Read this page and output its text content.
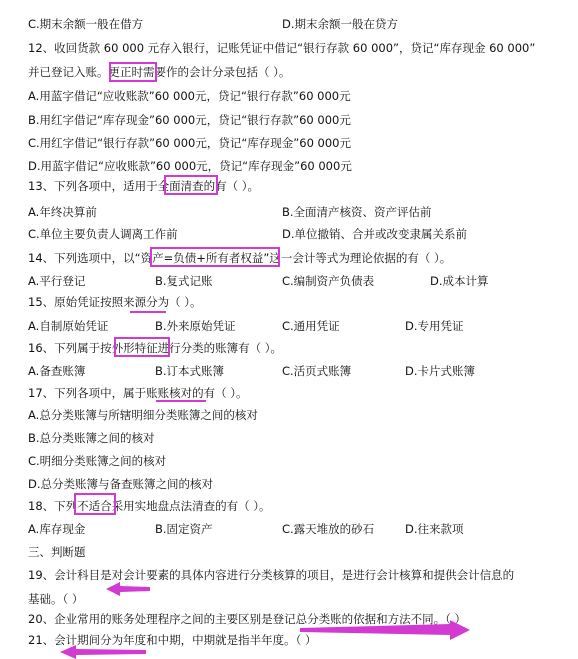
C.期末余额一般在借方	D.期末余额一般在贷方
12、收回货款 60 000 元存入银行，记账凭证中借记“银行存款 60 000”，贷记“库存现金 60 000”
并已登记入账。更正时需要作的会计分录包括（ ）。
A.用蓝字借记“应收账款”60 000元，贷记“银行存款”60 000元
B.用红字借记“库存现金”60 000元，贷记“银行存款”60 000元
C.用红字借记“银行存款”60 000元，贷记“库存现金”60 000元
D.用蓝字借记“应收账款”60 000元，贷记“库存现金”60 000元
13、下列各项中，适用于全面清查的有（ ）。
A.年终决算前	B.全面清产核资、资产评估前
C.单位主要负责人调离工作前	D.单位撤销、合并或改变隶属关系前
14、下列选项中，以“资产=负债+所有者权益”这一会计等式为理论依据的有（ ）。
A.平行登记	B.复式记账	C.编制资产负债表	D.成本计算
15、原始凭证按照来源分为（ ）。
A.自制原始凭证	B.外来原始凭证	C.通用凭证	D.专用凭证
16、下列属于按外形特征进行分类的账簿有（ ）。
A.备查账簿	B.订本式账簿	C.活页式账簿	D.卡片式账簿
17、下列各项中，属于账账核对的有（ ）。
A.总分类账簿与所辖明细分类账簿之间的核对
B.总分类账簿之间的核对
C.明细分类账簿之间的核对
D.总分类账簿与备查账簿之间的核对
18、下列不适合采用实地盘点法清查的有（ ）。
A.库存现金	B.固定资产	C.露天堆放的砂石	D.往来款项
三、判断题
19、会计科目是对会计要素的具体内容进行分类核算的项目，是进行会计核算和提供会计信息的
基础。（ ）
20、企业常用的账务处理程序之间的主要区别是登记总分类账的依据和方法不同。（ ）
21、会计期间分为年度和中期，中期就是指半年度。（ ）
